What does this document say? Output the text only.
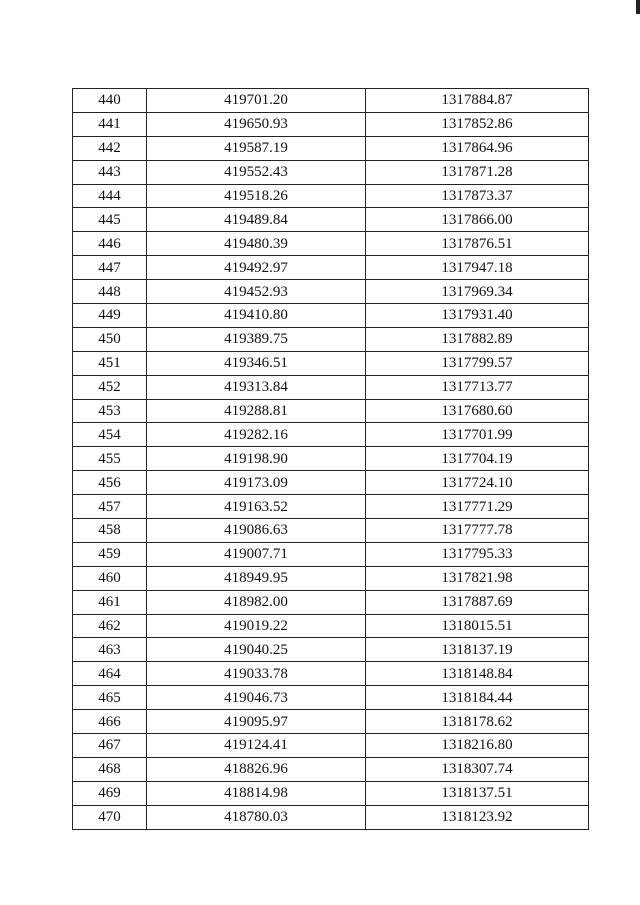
440	419701.20	1317884.87
441	419650.93	1317852.86
442	419587.19	1317864.96
443	419552.43	1317871.28
444	419518.26	1317873.37
445	419489.84	1317866.00
446	419480.39	1317876.51
447	419492.97	1317947.18
448	419452.93	1317969.34
449	419410.80	1317931.40
450	419389.75	1317882.89
451	419346.51	1317799.57
452	419313.84	1317713.77
453	419288.81	1317680.60
454	419282.16	1317701.99
455	419198.90	1317704.19
456	419173.09	1317724.10
457	419163.52	1317771.29
458	419086.63	1317777.78
459	419007.71	1317795.33
460	418949.95	1317821.98
461	418982.00	1317887.69
462	419019.22	1318015.51
463	419040.25	1318137.19
464	419033.78	1318148.84
465	419046.73	1318184.44
466	419095.97	1318178.62
467	419124.41	1318216.80
468	418826.96	1318307.74
469	418814.98	1318137.51
470	418780.03	1318123.92
